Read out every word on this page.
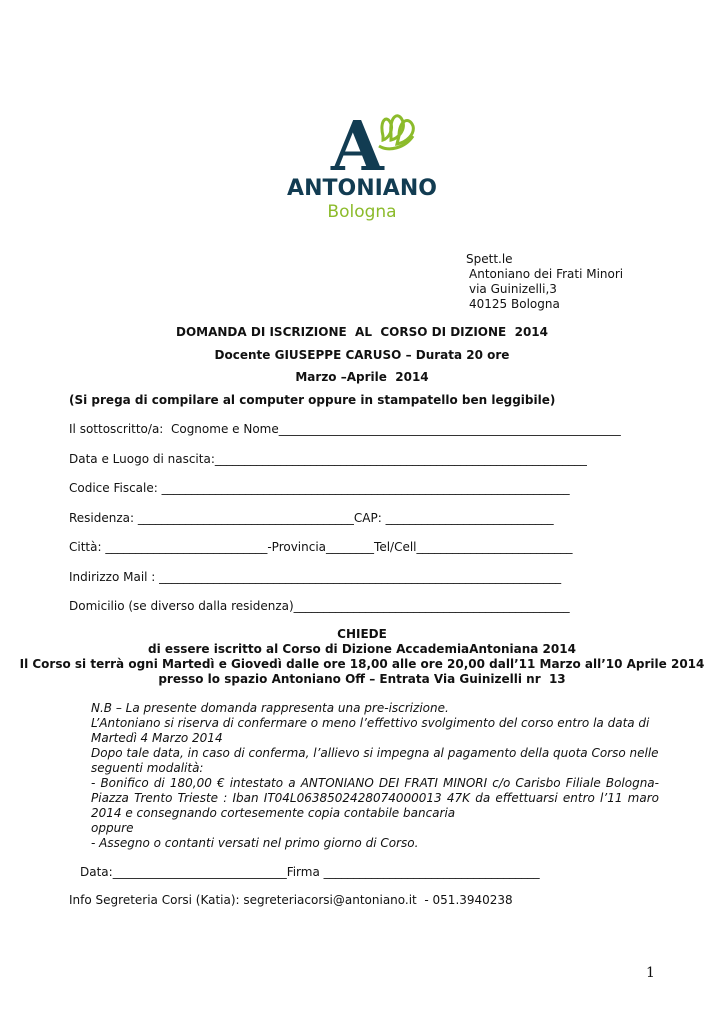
A
ANTONIANO
Bologna
Spett.le
Antoniano dei Frati Minori
via Guinizelli,3
40125 Bologna
DOMANDA DI ISCRIZIONE  AL  CORSO DI DIZIONE  2014
Docente GIUSEPPE CARUSO – Durata 20 ore
Marzo –Aprile  2014
(Si prega di compilare al computer oppure in stampatello ben leggibile)
Il sottoscritto/a:  Cognome e Nome_________________________________________________________
Data e Luogo di nascita:______________________________________________________________
Codice Fiscale: ____________________________________________________________________
Residenza: ____________________________________CAP: ____________________________
Città: ___________________________-Provincia________Tel/Cell__________________________
Indirizzo Mail : ___________________________________________________________________
Domicilio (se diverso dalla residenza)______________________________________________
CHIEDE
di essere iscritto al Corso di Dizione AccademiaAntoniana 2014
Il Corso si terrà ogni Martedì e Giovedì dalle ore 18,00 alle ore 20,00 dall’11 Marzo all’10 Aprile 2014
presso lo spazio Antoniano Off – Entrata Via Guinizelli nr  13
N.B – La presente domanda rappresenta una pre-iscrizione.
L’Antoniano si riserva di confermare o meno l’effettivo svolgimento del corso entro la data di Martedì 4 Marzo 2014
Dopo tale data, in caso di conferma, l’allievo si impegna al pagamento della quota Corso nelle seguenti modalità:
- Bonifico di 180,00 € intestato a ANTONIANO DEI FRATI MINORI c/o Carisbo Filiale Bologna- Piazza Trento Trieste : Iban IT04L0638502428074000013 47K da effettuarsi entro l’11 maro 2014 e consegnando cortesemente copia contabile bancaria
oppure
- Assegno o contanti versati nel primo giorno di Corso.
Data:_____________________________Firma ____________________________________
Info Segreteria Corsi (Katia): segreteriacorsi@antoniano.it  - 051.3940238
1
